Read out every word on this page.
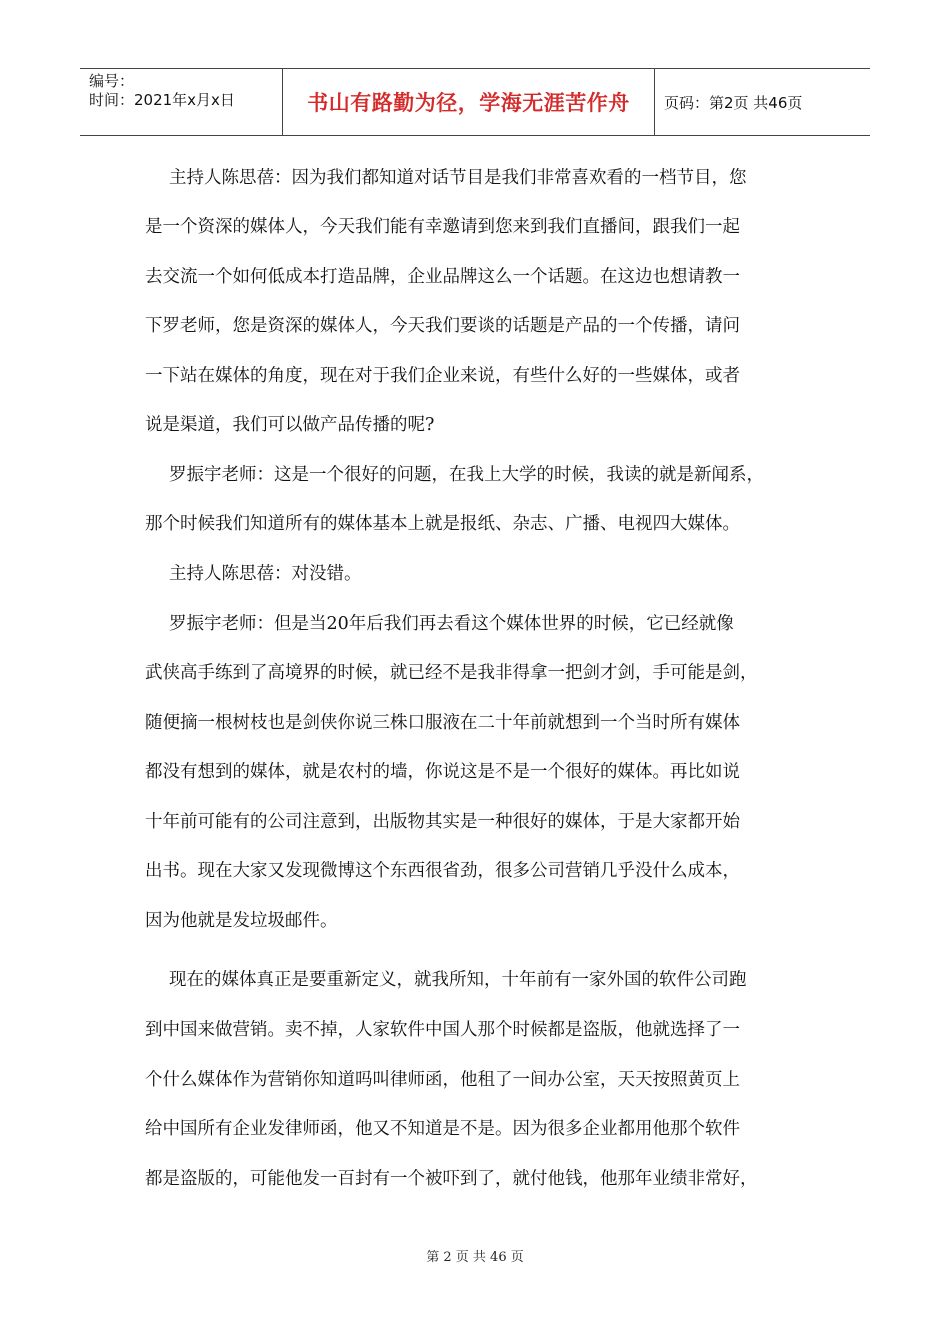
编号：
时间：2021年x月x日	书山有路勤为径，学海无涯苦作舟 页码：第2页 共46页
主持人陈思蓓：因为我们都知道对话节目是我们非常喜欢看的一档节目，您
是一个资深的媒体人，今天我们能有幸邀请到您来到我们直播间，跟我们一起
去交流一个如何低成本打造品牌，企业品牌这么一个话题。在这边也想请教一
下罗老师，您是资深的媒体人，今天我们要谈的话题是产品的一个传播，请问
一下站在媒体的角度，现在对于我们企业来说，有些什么好的一些媒体，或者
说是渠道，我们可以做产品传播的呢?
罗振宇老师：这是一个很好的问题，在我上大学的时候，我读的就是新闻系，
那个时候我们知道所有的媒体基本上就是报纸、杂志、广播、电视四大媒体。
主持人陈思蓓：对没错。
罗振宇老师：但是当20年后我们再去看这个媒体世界的时候，它已经就像
武侠高手练到了高境界的时候，就已经不是我非得拿一把剑才剑，手可能是剑，
随便摘一根树枝也是剑侠你说三株口服液在二十年前就想到一个当时所有媒体
都没有想到的媒体，就是农村的墙，你说这是不是一个很好的媒体。再比如说
十年前可能有的公司注意到，出版物其实是一种很好的媒体，于是大家都开始
出书。现在大家又发现微博这个东西很省劲，很多公司营销几乎没什么成本，
因为他就是发垃圾邮件。
现在的媒体真正是要重新定义，就我所知，十年前有一家外国的软件公司跑
到中国来做营销。卖不掉，人家软件中国人那个时候都是盗版，他就选择了一
个什么媒体作为营销你知道吗叫律师函，他租了一间办公室，天天按照黄页上
给中国所有企业发律师函，他又不知道是不是。因为很多企业都用他那个软件
都是盗版的，可能他发一百封有一个被吓到了，就付他钱，他那年业绩非常好，
第 2 页 共 46 页
